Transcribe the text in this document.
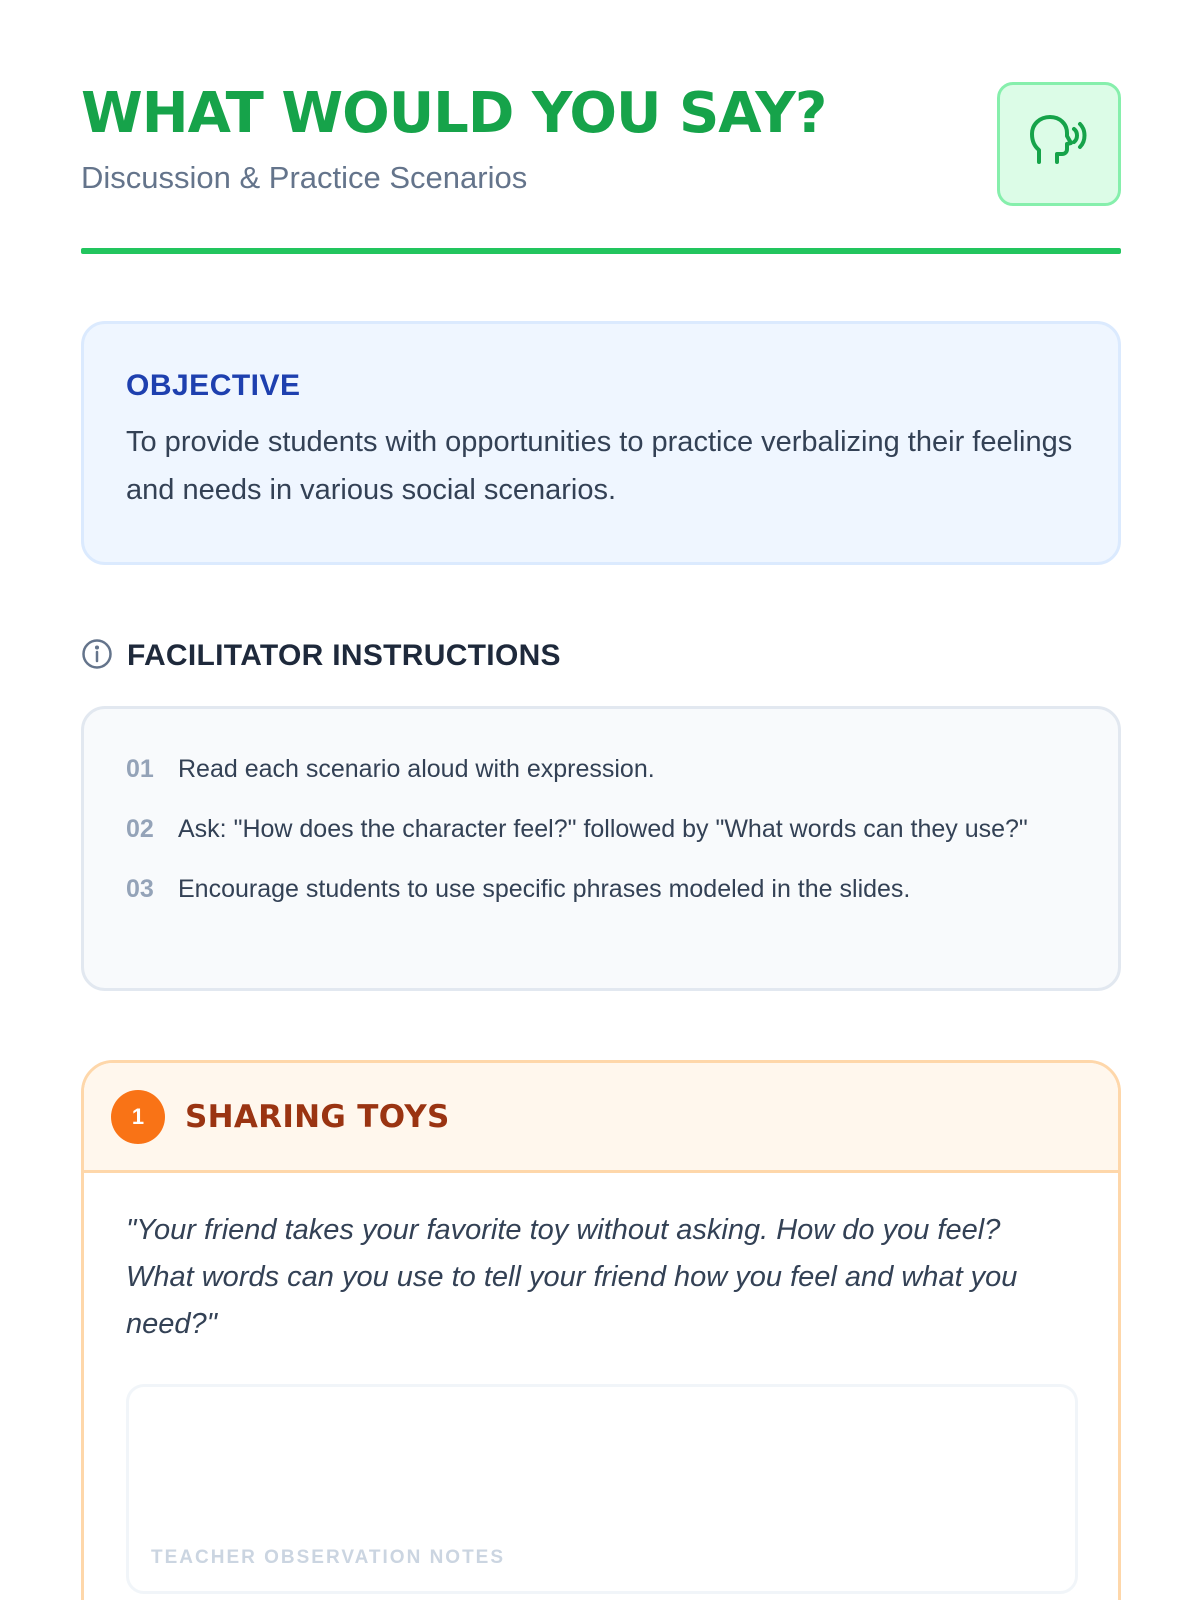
WHAT WOULD YOU SAY?
Discussion & Practice Scenarios
OBJECTIVE

To provide students with opportunities to practice verbalizing their feelings and needs in various social scenarios.

FACILITATOR INSTRUCTIONS
01 Read each scenario aloud with expression.
02 Ask: "How does the character feel?" followed by "What words can they use?"
03 Encourage students to use specific phrases modeled in the slides.
1	SHARING TOYS

"Your friend takes your favorite toy without asking. How do you feel? What words can you use to tell your friend how you feel and what you need?"

TEACHER OBSERVATION NOTES
